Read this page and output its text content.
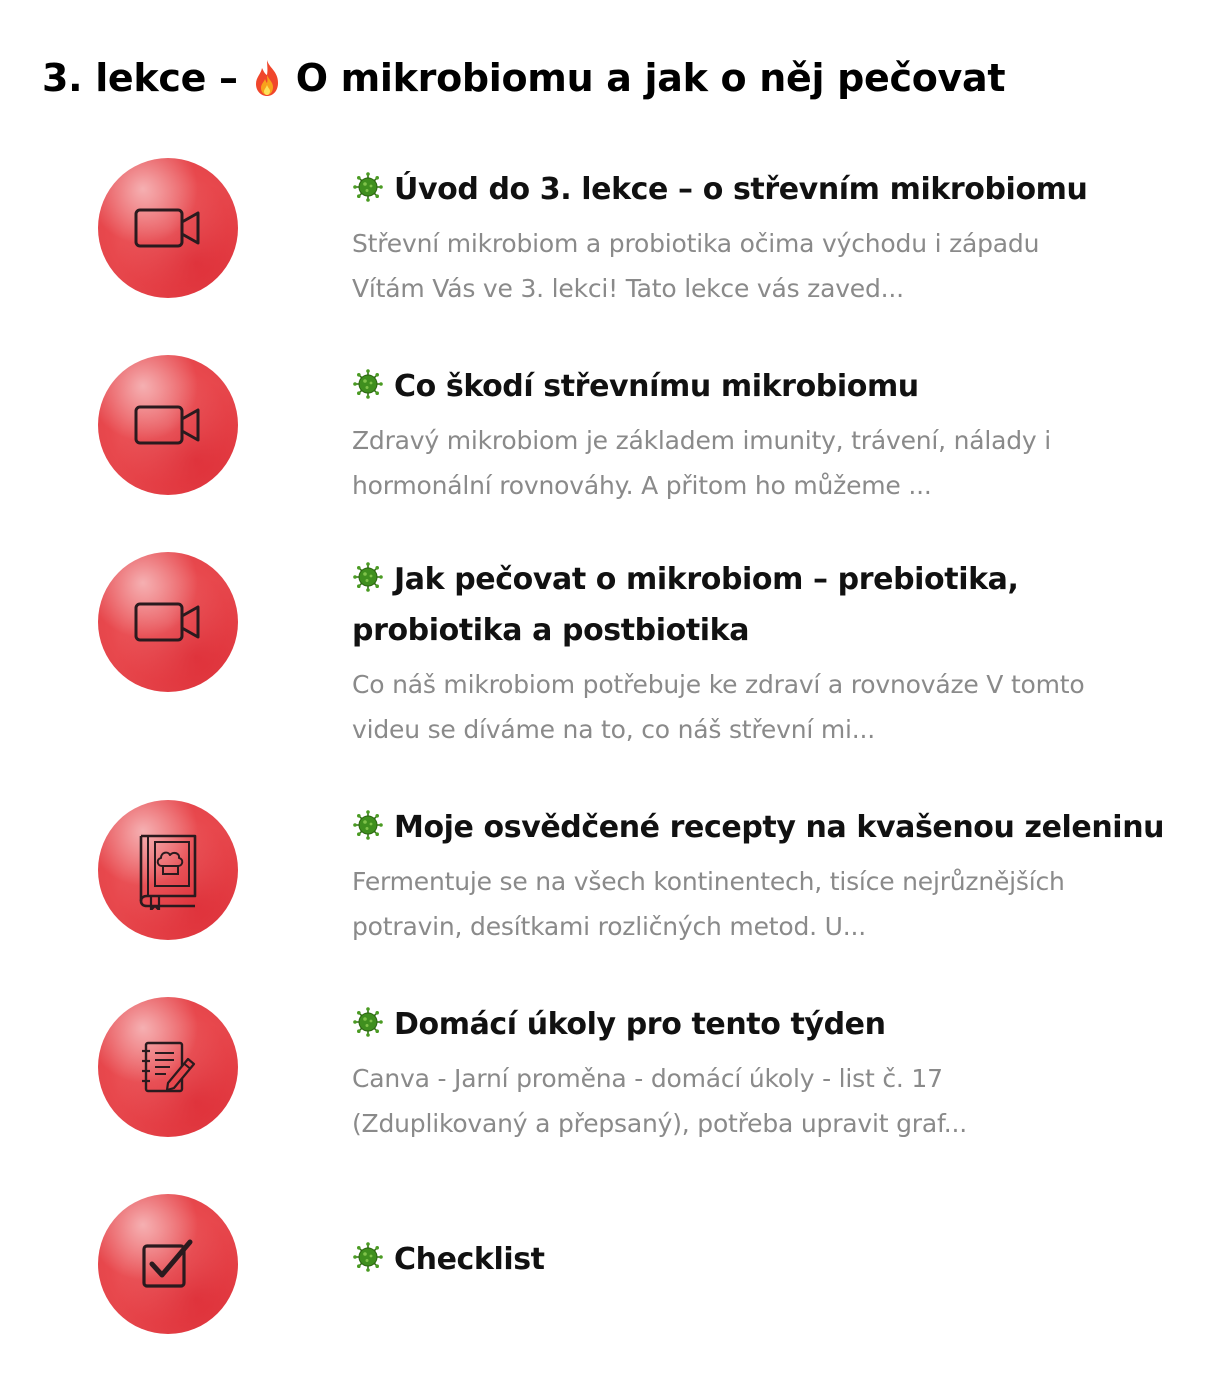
3. lekce – O mikrobiomu a jak o něj pečovat
Úvod do 3. lekce – o střevním mikrobiomu

Střevní mikrobiom a probiotika očima východu i západu
Vítám Vás ve 3. lekci! Tato lekce vás zaved...

Co škodí střevnímu mikrobiomu

Zdravý mikrobiom je základem imunity, trávení, nálady i
hormonální rovnováhy. A přitom ho můžeme ...

Jak pečovat o mikrobiom – prebiotika, probiotika a postbiotika

Co náš mikrobiom potřebuje ke zdraví a rovnováze V tomto
videu se díváme na to, co náš střevní mi...

Moje osvědčené recepty na kvašenou zeleninu

Fermentuje se na všech kontinentech, tisíce nejrůznějších
potravin, desítkami rozličných metod. U...

Domácí úkoly pro tento týden

Canva - Jarní proměna - domácí úkoly - list č. 17
(Zduplikovaný a přepsaný), potřeba upravit graf...

Checklist
